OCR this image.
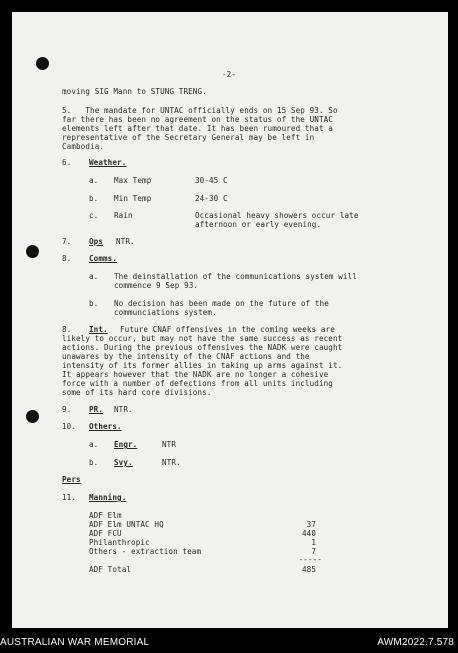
-2-
moving SIG Mann to STUNG TRENG.
5.   The mandate for UNTAC officially ends on 15 Sep 93. So
far there has been no agreement on the status of the UNTAC
elements left after that date. It has been rumoured that a
representative of the Secretary General may be left in
Cambodia.
6. Weather.
a. Max Temp	30-45 C
b. Min Temp	24-30 C
c. Rain	Occasional heavy showers occur late
afternoon or early evening.
7. Ops NTR.
8. Comms.
a. The deinstallation of the communications system will
commence 9 Sep 93.
b. No decision has been made on the future of the
communciations system.
8. Int. Future CNAF offensives in the coming weeks are
likely to occur, but may not have the same success as recent
actions. During the previous offensives the NADK were caught
unawares by the intensity of the CNAF actions and the
intensity of its former allies in taking up arms against it.
It appears however that the NADK are no longer a cohesive
force with a number of defections from all units including
some of its hard core divisions.
9. PR. NTR.
10. Others.
a. Engr.	NTR
b. Svy.	NTR.
Pers
11. Manning.
ADF Elm
ADF Elm UNTAC HQ	37
ADF FCU	440
Philanthropic	1
Others - extraction team	7
-----
ADF Total	485
AUSTRALIAN WAR MEMORIAL	AWM2022.7.578
